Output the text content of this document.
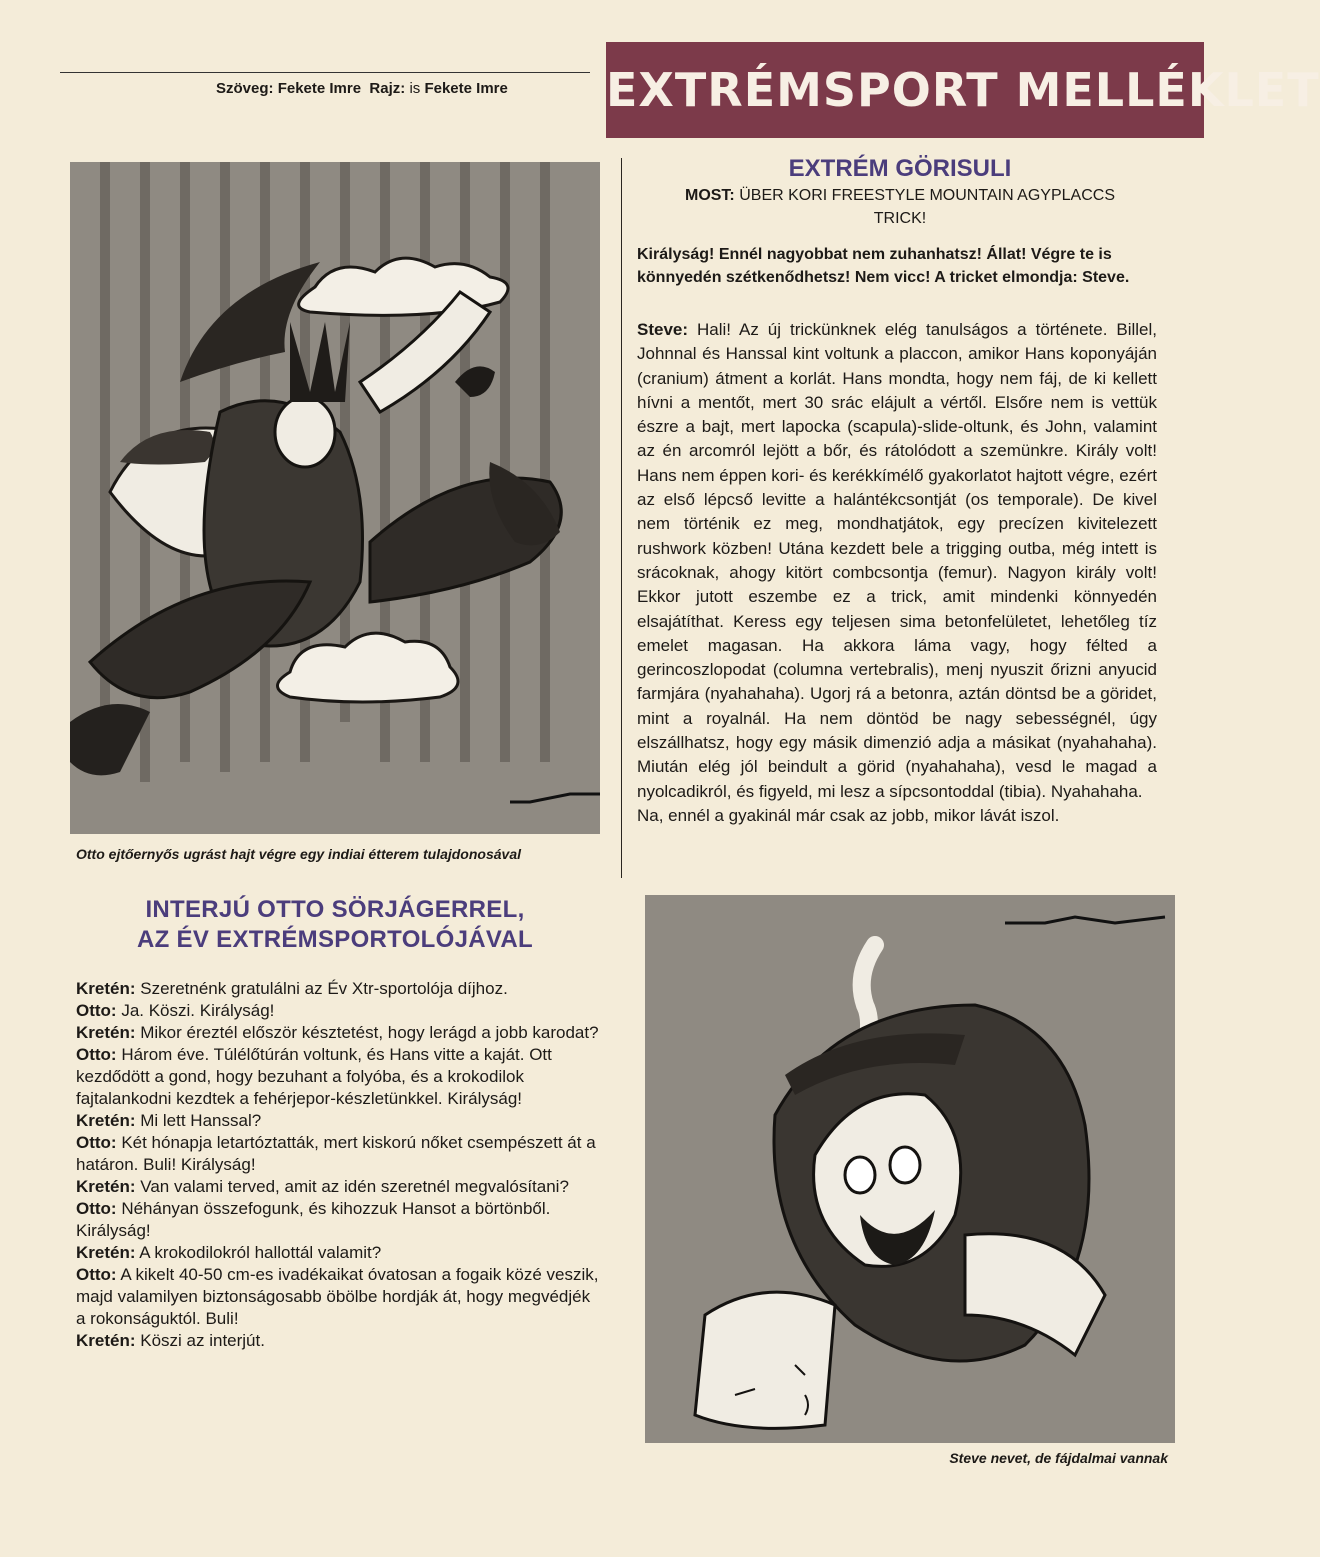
Szöveg: Fekete Imre Rajz: is Fekete Imre
Otto ejtőernyős ugrást hajt végre egy indiai étterem tulajdonosával
INTERJÚ OTTO SÖRJÁGERREL,
AZ ÉV EXTRÉMSPORTOLÓJÁVAL

Kretén: Szeretnénk gratulálni az Év Xtr-sportolója díjhoz.

Otto: Ja. Köszi. Királyság!

Kretén: Mikor éreztél először késztetést, hogy lerágd a jobb karodat?

Otto: Három éve. Túlélőtúrán voltunk, és Hans vitte a kaját. Ott kezdődött a gond, hogy bezuhant a folyóba, és a krokodilok fajtalankodni kezdtek a fehérjepor-készletünkkel. Királyság!

Kretén: Mi lett Hanssal?

Otto: Két hónapja letartóztatták, mert kiskorú nőket csempészett át a határon. Buli! Királyság!

Kretén: Van valami terved, amit az idén szeretnél megvalósítani?

Otto: Néhányan összefogunk, és kihozzuk Hansot a börtönből. Királyság!

Kretén: A krokodilokról hallottál valamit?

Otto: A kikelt 40-50 cm-es ivadékaikat óvatosan a fogaik közé veszik, majd valamilyen biztonságosabb öbölbe hordják át, hogy megvédjék a rokonságuktól. Buli!

Kretén: Köszi az interjút.

EXTRÉMSPORT MELLÉKLET
EXTRÉM GÖRISULI
MOST: ÜBER KORI FREESTYLE MOUNTAIN AGYPLACCS TRICK!
Királyság! Ennél nagyobbat nem zuhanhatsz! Állat! Végre te is könnyedén szétkenődhetsz! Nem vicc! A tricket elmondja: Steve.

Steve: Hali! Az új trickünknek elég tanulságos a története. Billel, Johnnal és Hanssal kint voltunk a placcon, amikor Hans koponyáján (cranium) átment a korlát. Hans mondta, hogy nem fáj, de ki kellett hívni a mentőt, mert 30 srác elájult a vértől. Elsőre nem is vettük észre a bajt, mert lapocka (scapula)-slide-oltunk, és John, valamint az én arcomról lejött a bőr, és rátolódott a szemünkre. Király volt! Hans nem éppen kori- és kerékkímélő gyakorlatot hajtott végre, ezért az első lépcső levitte a halántékcsontját (os temporale). De kivel nem történik ez meg, mondhatjátok, egy precízen kivitelezett rushwork közben! Utána kezdett bele a trigging outba, még intett is srácoknak, ahogy kitört combcsontja (femur). Nagyon király volt! Ekkor jutott eszembe ez a trick, amit mindenki könnyedén elsajátíthat. Keress egy teljesen sima betonfelületet, lehetőleg tíz emelet magasan. Ha akkora láma vagy, hogy félted a gerincoszlopodat (columna vertebralis), menj nyuszit őrizni anyucid farmjára (nyahahaha). Ugorj rá a betonra, aztán döntsd be a göridet, mint a royalnál. Ha nem döntöd be nagy sebességnél, úgy elszállhatsz, hogy egy másik dimenzió adja a másikat (nyahahaha). Miután elég jól beindult a görid (nyahahaha), vesd le magad a nyolcadikról, és figyeld, mi lesz a sípcsontoddal (tibia). Nyahahaha.

Na, ennél a gyakinál már csak az jobb, mikor lávát iszol.

Steve nevet, de fájdalmai vannak
